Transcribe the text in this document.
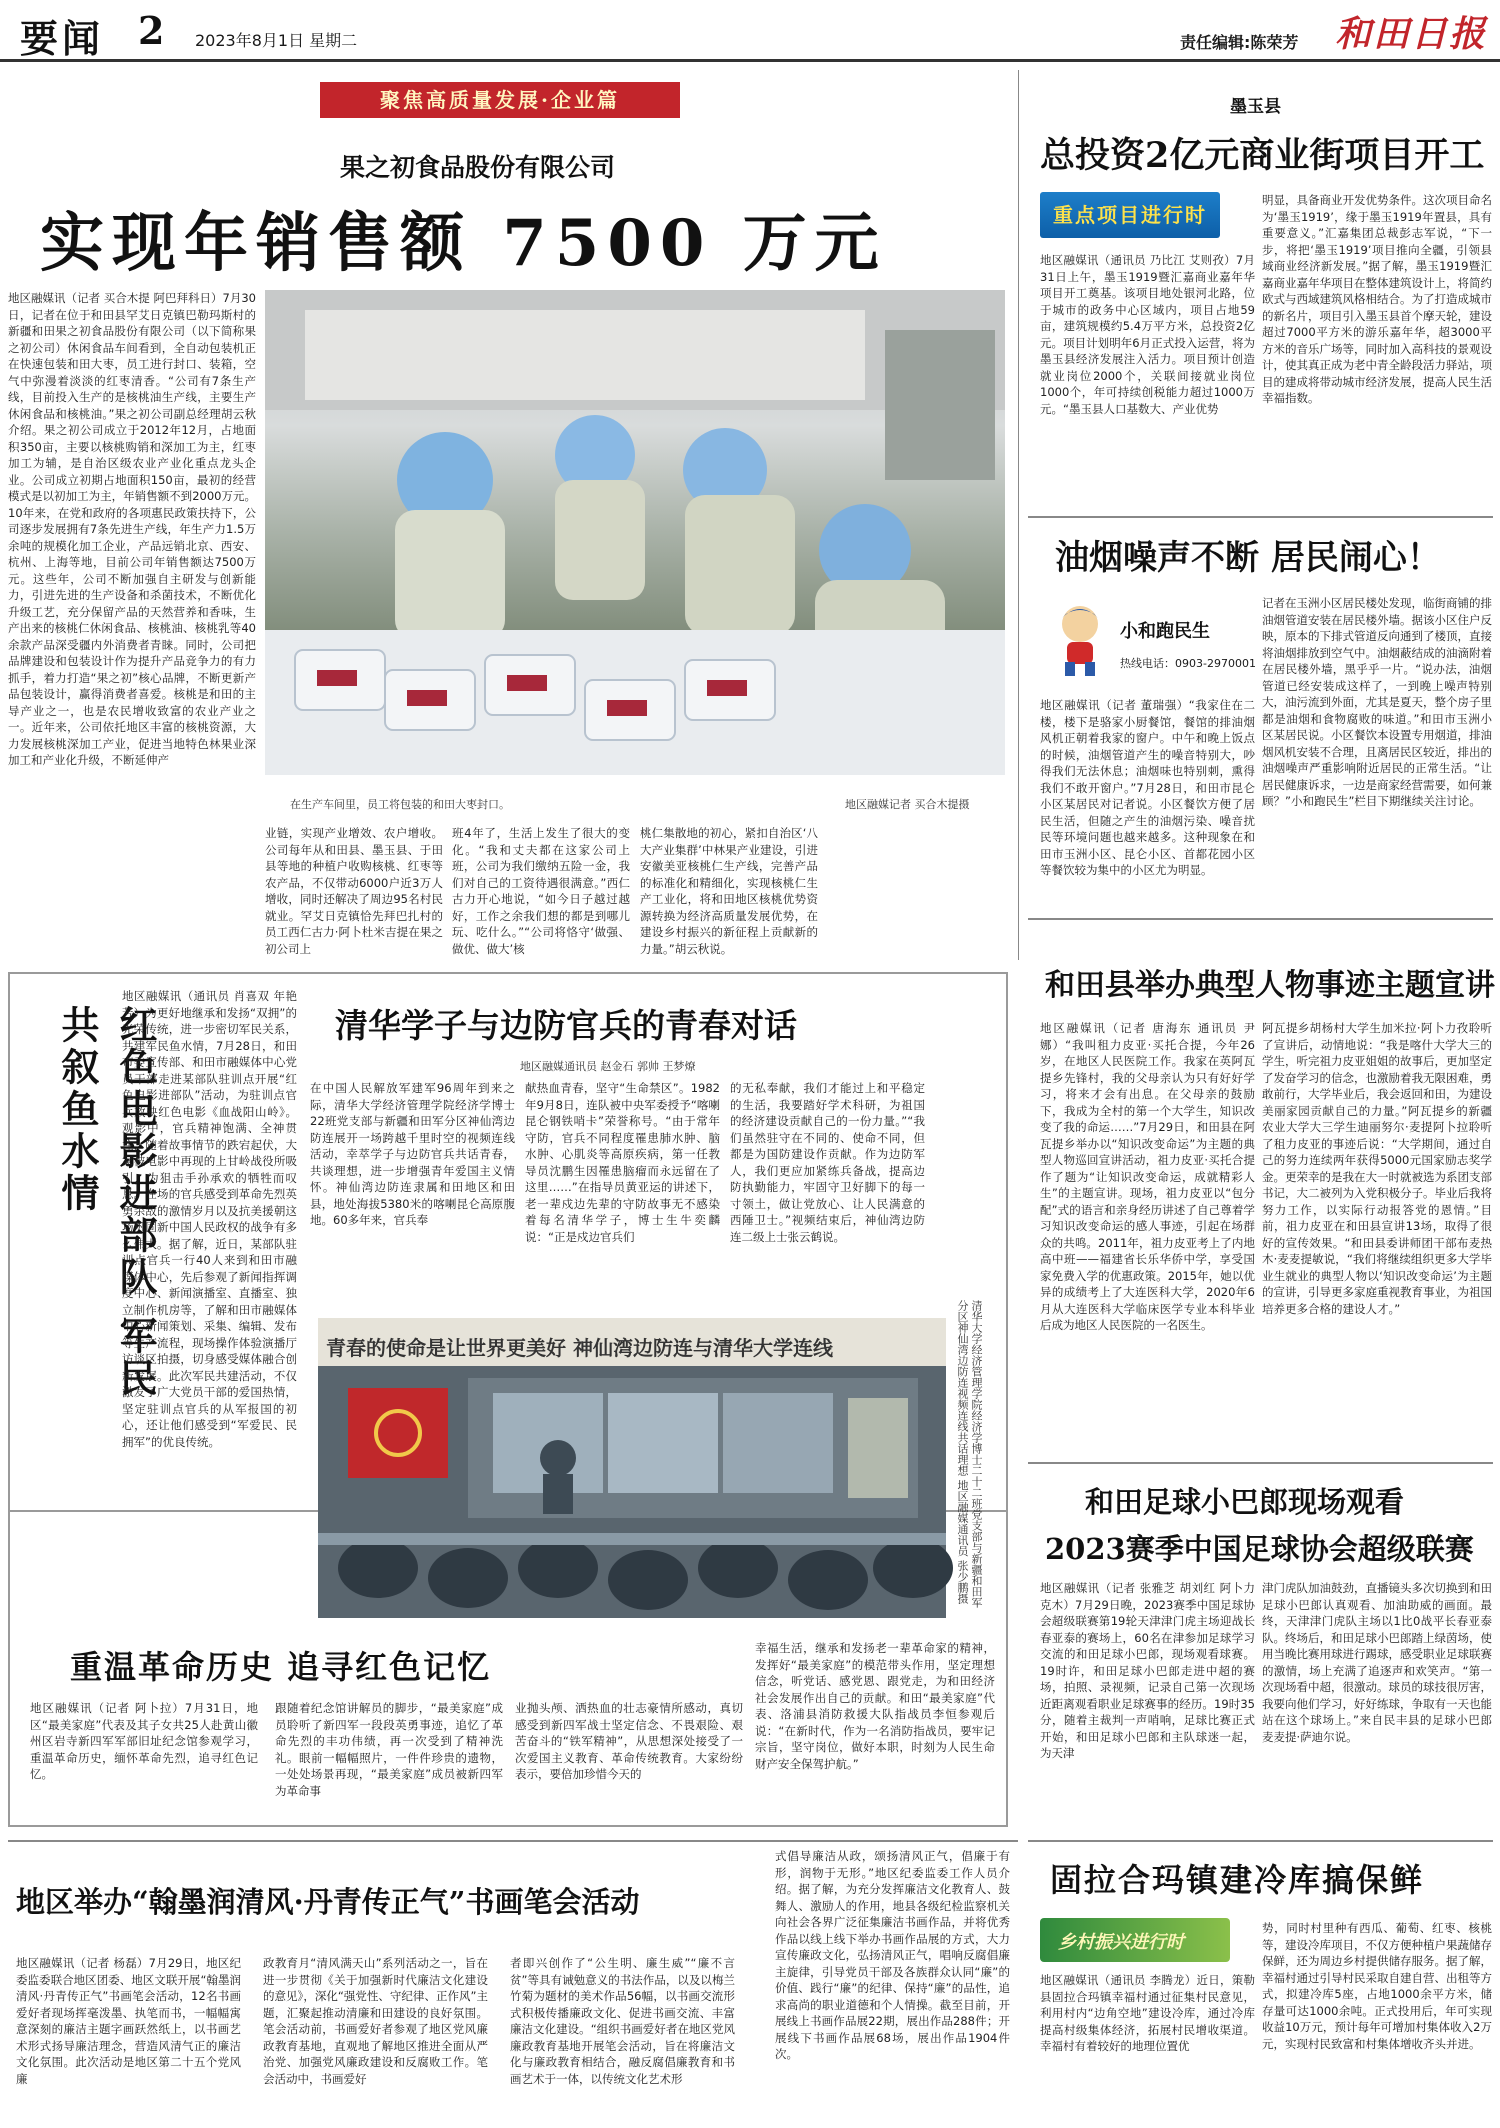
要闻 2 2023年8月1日 星期二	责任编辑:陈荣芳 和田日报
聚焦高质量发展·企业篇
果之初食品股份有限公司
实现年销售额 7500 万元
地区融媒讯（记者 买合木提 阿巴拜科日）7月30日，记者在位于和田县罕艾日克镇巴勒玛斯村的新疆和田果之初食品股份有限公司（以下简称果之初公司）休闲食品车间看到，全自动包装机正在快速包装和田大枣，员工进行封口、装箱，空气中弥漫着淡淡的红枣清香。“公司有7条生产线，目前投入生产的是核桃油生产线，主要生产休闲食品和核桃油。”果之初公司副总经理胡云秋介绍。果之初公司成立于2012年12月，占地面积350亩，主要以核桃购销和深加工为主，红枣加工为辅，是自治区级农业产业化重点龙头企业。公司成立初期占地面积150亩，最初的经营模式是以初加工为主，年销售额不到2000万元。10年来，在党和政府的各项惠民政策扶持下，公司逐步发展拥有7条先进生产线，年生产力1.5万余吨的规模化加工企业，产品远销北京、西安、杭州、上海等地，目前公司年销售额达7500万元。这些年，公司不断加强自主研发与创新能力，引进先进的生产设备和杀菌技术，不断优化升级工艺，充分保留产品的天然营养和香味，生产出来的核桃仁休闲食品、核桃油、核桃乳等40余款产品深受疆内外消费者青睐。同时，公司把品牌建设和包装设计作为提升产品竞争力的有力抓手，着力打造“果之初”核心品牌，不断更新产品包装设计，赢得消费者喜爱。核桃是和田的主导产业之一，也是农民增收致富的农业产业之一。近年来，公司依托地区丰富的核桃资源，大力发展核桃深加工产业，促进当地特色林果业深加工和产业化升级，不断延伸产
在生产车间里，员工将包装的和田大枣封口。	地区融媒记者 买合木提摄
业链，实现产业增效、农户增收。公司每年从和田县、墨玉县、于田县等地的种植户收购核桃、红枣等农产品，不仅带动6000户近3万人增收，同时还解决了周边95名村民就业。罕艾日克镇恰先拜巴扎村的员工西仁古力·阿卜杜米吉提在果之初公司上
班4年了，生活上发生了很大的变化。“我和丈夫都在这家公司上班，公司为我们缴纳五险一金，我们对自己的工资待遇很满意。”西仁古力开心地说，“如今日子越过越好，工作之余我们想的都是到哪儿玩、吃什么。”“公司将恪守‘做强、做优、做大’核
桃仁集散地的初心，紧扣自治区‘八大产业集群’中林果产业建设，引进安徽美亚核桃仁生产线，完善产品的标准化和精细化，实现核桃仁生产工业化，将和田地区核桃优势资源转换为经济高质量发展优势，在建设乡村振兴的新征程上贡献新的力量。”胡云秋说。
墨玉县
总投资2亿元商业街项目开工
重点项目进行时
地区融媒讯（通讯员 乃比江 艾则孜）7月31日上午，墨玉1919暨汇嘉商业嘉年华项目开工奠基。该项目地处银河北路，位于城市的政务中心区域内，项目占地59亩，建筑规模约5.4万平方米，总投资2亿元。项目计划明年6月正式投入运营，将为墨玉县经济发展注入活力。项目预计创造就业岗位2000个，关联间接就业岗位1000个，年可持续创税能力超过1000万元。“墨玉县人口基数大、产业优势
明显，具备商业开发优势条件。这次项目命名为‘墨玉1919’，缘于墨玉1919年置县，具有重要意义。”汇嘉集团总裁彭志军说，“下一步，将把‘墨玉1919’项目推向全疆，引领县域商业经济新发展。”据了解，墨玉1919暨汇嘉商业嘉年华项目在整体建筑设计上，将简约欧式与西域建筑风格相结合。为了打造成城市的新名片，项目引入墨玉县首个摩天轮，建设超过7000平方米的游乐嘉年华，超3000平方米的音乐广场等，同时加入高科技的景观设计，使其真正成为老中青全龄段活力驿站，项目的建成将带动城市经济发展，提高人民生活幸福指数。
油烟噪声不断 居民闹心！
小和跑民生
热线电话：0903-2970001
地区融媒讯（记者 董瑞强）“我家住在二楼，楼下是骆家小厨餐馆，餐馆的排油烟风机正朝着我家的窗户。中午和晚上饭点的时候，油烟管道产生的噪音特别大，吵得我们无法休息；油烟味也特别刺，熏得我们不敢开窗户。”7月28日，和田市昆仑小区某居民对记者说。小区餐饮方便了居民生活，但随之产生的油烟污染、噪音扰民等环境问题也越来越多。这种现象在和田市玉洲小区、昆仑小区、首都花园小区等餐饮较为集中的小区尤为明显。
记者在玉洲小区居民楼处发现，临街商铺的排油烟管道安装在居民楼外墙。据该小区住户反映，原本的下排式管道反向通到了楼顶，直接将油烟排放到空气中。油烟蔽结成的油滴附着在居民楼外墙，黑乎乎一片。“说办法，油烟管道已经安装成这样了，一到晚上噪声特别大，油污流到外面，尤其是夏天，整个房子里都是油烟和食物腐败的味道。”和田市玉洲小区某居民说。小区餐饮本设置专用烟道，排油烟风机安装不合理，且离居民区较近，排出的油烟噪声严重影响附近居民的正常生活。“让居民健康诉求，一边是商家经营需要，如何兼顾？”小和跑民生”栏目下期继续关注讨论。
红色电影进部队 军民共叙鱼水情
地区融媒讯（通讯员 肖喜双 年艳芳）为更好地继承和发扬“双拥”的光荣传统，进一步密切军民关系，共建军民鱼水情，7月28日，和田市委宣传部、和田市融媒体中心党员干部走进某部队驻训点开展“红色电影进部队”活动，为驻训点官兵放映红色电影《血战阳山岭》。观影中，官兵精神饱满、全神贯注，随着故事情节的跌宕起伏，大家被电影中再现的上甘岭战役所吸引，为狙击手孙承欢的牺牲而叹息。在场的官兵感受到革命先烈英勇杀敌的激情岁月以及抗美援朝这场巩固新中国人民政权的战争有多么伟大。据了解，近日，某部队驻训点官兵一行40人来到和田市融媒体中心，先后参观了新闻指挥调度中心、新闻演播室、直播室、独立制作机房等，了解和田市融媒体中心新闻策划、采集、编辑、发布等生产流程，现场操作体验演播厅访谈区拍摄，切身感受媒体融合创新发展。此次军民共建活动，不仅激发了广大党员干部的爱国热情，坚定驻训点官兵的从军报国的初心，还让他们感受到“军爱民、民拥军”的优良传统。
清华学子与边防官兵的青春对话
地区融媒通讯员 赵金石 郭帅 王梦燎
在中国人民解放军建军96周年到来之际，清华大学经济管理学院经济学博士22班党支部与新疆和田军分区神仙湾边防连展开一场跨越千里时空的视频连线活动，幸萃学子与边防官兵共话青春，共谈理想，进一步增强青年爱国主义情怀。神仙湾边防连隶属和田地区和田县，地处海拔5380米的喀喇昆仑高原腹地。60多年来，官兵奉
献热血青春，坚守“生命禁区”。1982年9月8日，连队被中央军委授予“喀喇昆仑钢铁哨卡”荣誉称号。“由于常年守防，官兵不同程度罹患肺水肿、脑水肿、心肌炎等高原疾病，第一任教导员沈鹏生因罹患脑瘤而永远留在了这里……”在指导员黄亚运的讲述下，老一辈戍边先辈的守防故事无不感染着每名清华学子，博士生牛奕麟说：“正是戍边官兵们
的无私奉献，我们才能过上和平稳定的生活，我要踏好学术科研，为祖国的经济建设贡献自己的一份力量。”“我们虽然驻守在不同的、使命不同，但都是为国防建设作贡献。作为边防军人，我们更应加紧练兵备战，提高边防执勤能力，牢固守卫好脚下的每一寸领土，做让党放心、让人民满意的西陲卫士。”视频结束后，神仙湾边防连二级上士张云鹤说。
青春的使命是让世界更美好 神仙湾边防连与清华大学连线	清华大学经济管理学院经济学博士二十二班党支部与新疆和田军分区神仙湾边防连视频连线共话理想 地区融媒通讯员 张少鹏摄
重温革命历史 追寻红色记忆
地区融媒讯（记者 阿卜拉）7月31日，地区“最美家庭”代表及其子女共25人赴黄山徽州区岩寺新四军军部旧址纪念馆参观学习，重温革命历史，缅怀革命先烈，追寻红色记忆。
跟随着纪念馆讲解员的脚步，“最美家庭”成员聆听了新四军一段段英勇事迹，追忆了革命先烈的丰功伟绩，再一次受到了精神洗礼。眼前一幅幅照片，一件件珍贵的遗物，一处处场景再现，“最美家庭”成员被新四军为革命事
业抛头颅、洒热血的壮志豪情所感动，真切感受到新四军战士坚定信念、不畏艰险、艰苦奋斗的“铁军精神”，从思想深处接受了一次爱国主义教育、革命传统教育。大家纷纷表示，要倍加珍惜今天的
幸福生活，继承和发扬老一辈革命家的精神，发挥好“最美家庭”的模范带头作用，坚定理想信念，听党话、感党恩、跟党走，为和田经济社会发展作出自己的贡献。和田“最美家庭”代表、洛浦县消防救援大队指战员李恒参观后说：“在新时代，作为一名消防指战员，要牢记宗旨，坚守岗位，做好本职，时刻为人民生命财产安全保驾护航。”
和田县举办典型人物事迹主题宣讲
地区融媒讯（记者 唐海东 通讯员 尹娜）“我叫租力皮亚·买托合提，今年26岁，在地区人民医院工作。我家在英阿瓦提乡先锋村，我的父母亲认为只有好好学习，将来才会有出息。在父母亲的鼓励下，我成为全村的第一个大学生，知识改变了我的命运……”7月29日，和田县在阿瓦提乡举办以“知识改变命运”为主题的典型人物巡回宣讲活动，祖力皮亚·买托合提作了题为“让知识改变命运，成就精彩人生”的主题宣讲。现场，祖力皮亚以“包分配”式的语言和亲身经历讲述了自己尊着学习知识改变命运的感人事迹，引起在场群众的共鸣。2011年，祖力皮亚考上了内地高中班——福建省长乐华侨中学，享受国家免费入学的优惠政策。2015年，她以优异的成绩考上了大连医科大学，2020年6月从大连医科大学临床医学专业本科毕业后成为地区人民医院的一名医生。
阿瓦提乡胡杨村大学生加米拉·阿卜力孜聆听了宣讲后，动情地说：“我是喀什大学大三的学生，听完祖力皮亚姐姐的故事后，更加坚定了发奋学习的信念，也激励着我无限困难，勇敢前行，大学毕业后，我会返回和田，为建设美丽家园贡献自己的力量。”阿瓦提乡的新疆农业大学大三学生迪丽努尔·麦提阿卜拉聆听了租力皮亚的事迹后说：“大学期间，通过自己的努力连续两年获得5000元国家励志奖学金。更荣幸的是我在大一时就被选为系团支部书记，大二被列为入党积极分子。毕业后我将努力工作，以实际行动报答党的恩情。”目前，祖力皮亚在和田县宣讲13场，取得了很好的宣传效果。“和田县委讲师团干部布麦热木·麦麦提敏说，“我们将继续组织更多大学毕业生就业的典型人物以‘知识改变命运’为主题的宣讲，引导更多家庭重视教育事业，为祖国培养更多合格的建设人才。”
和田足球小巴郎现场观看
2023赛季中国足球协会超级联赛
地区融媒讯（记者 张雅芝 胡刘红 阿卜力克木）7月29日晚，2023赛季中国足球协会超级联赛第19轮天津津门虎主场迎战长春亚泰的赛场上，60名在津参加足球学习交流的和田足球小巴郎，现场观看球赛。19时许，和田足球小巴郎走进中超的赛场，拍照、录视频，记录自己第一次现场近距离观看职业足球赛事的经历。19时35分，随着主裁判一声哨响，足球比赛正式开始，和田足球小巴郎和主队球迷一起，为天津
津门虎队加油鼓劲，直播镜头多次切换到和田足球小巴郎认真观看、加油助威的画面。最终，天津津门虎队主场以1比0战平长春亚泰队。终场后，和田足球小巴郎踏上绿茵场，使用当晚比赛用球进行踢球，感受职业足球联赛的激情，场上充满了追逐声和欢笑声。“第一次现场看中超，很激动。球员的球技很厉害，我要向他们学习，好好练球，争取有一天也能站在这个球场上。”来自民丰县的足球小巴郎麦麦提·萨迪尔说。
地区举办“翰墨润清风·丹青传正气”书画笔会活动
地区融媒讯（记者 杨磊）7月29日，地区纪委监委联合地区团委、地区文联开展“翰墨润清风·丹青传正气”书画笔会活动，12名书画爱好者现场挥毫泼墨、执笔而书，一幅幅寓意深刻的廉洁主题字画跃然纸上，以书画艺术形式扬导廉洁理念，营造风清气正的廉洁文化氛围。此次活动是地区第二十五个党风廉
政教育月“清风满天山”系列活动之一，旨在进一步贯彻《关于加强新时代廉洁文化建设的意见》，深化“强党性、守纪律、正作风”主题，汇聚起推动清廉和田建设的良好氛围。笔会活动前，书画爱好者参观了地区党风廉政教育基地，直观地了解地区推进全面从严治党、加强党风廉政建设和反腐败工作。笔会活动中，书画爱好
者即兴创作了“公生明、廉生威”“廉不言贫”等具有诫勉意义的书法作品，以及以梅兰竹菊为题材的美术作品56幅，以书画交流形式积极传播廉政文化、促进书画交流、丰富廉洁文化建设。“组织书画爱好者在地区党风廉政教育基地开展笔会活动，旨在将廉洁文化与廉政教育相结合，融反腐倡廉教育和书画艺术于一体，以传统文化艺术形
式倡导廉洁从政，颂扬清风正气，倡廉于有形，润物于无形。”地区纪委监委工作人员介绍。据了解，为充分发挥廉洁文化教育人、鼓舞人、激励人的作用，地县各级纪检监察机关向社会各界广泛征集廉洁书画作品，并将优秀作品以线上线下举办书画作品展的方式，大力宣传廉政文化，弘扬清风正气，唱响反腐倡廉主旋律，引导党员干部及各族群众认同“廉”的价值、践行“廉”的纪律、保持“廉”的品性，追求高尚的职业道德和个人情操。截至目前，开展线上书画作品展22期，展出作品288件；开展线下书画作品展68场，展出作品1904件次。
固拉合玛镇建冷库搞保鲜
乡村振兴进行时
地区融媒讯（通讯员 李腾龙）近日，策勒县固拉合玛镇幸福村通过征集村民意见，利用村内“边角空地”建设冷库，通过冷库提高村级集体经济，拓展村民增收渠道。幸福村有着较好的地理位置优
势，同时村里种有西瓜、葡萄、红枣、核桃等，建设冷库项目，不仅方便种植户果蔬储存保鲜，还为周边乡村提供储存服务。据了解，幸福村通过引导村民采取自建自营、出租等方式，拟建冷库5座，占地1000余平方米，储存量可达1000余吨。正式投用后，年可实现收益10万元，预计每年可增加村集体收入2万元，实现村民致富和村集体增收齐头并进。
